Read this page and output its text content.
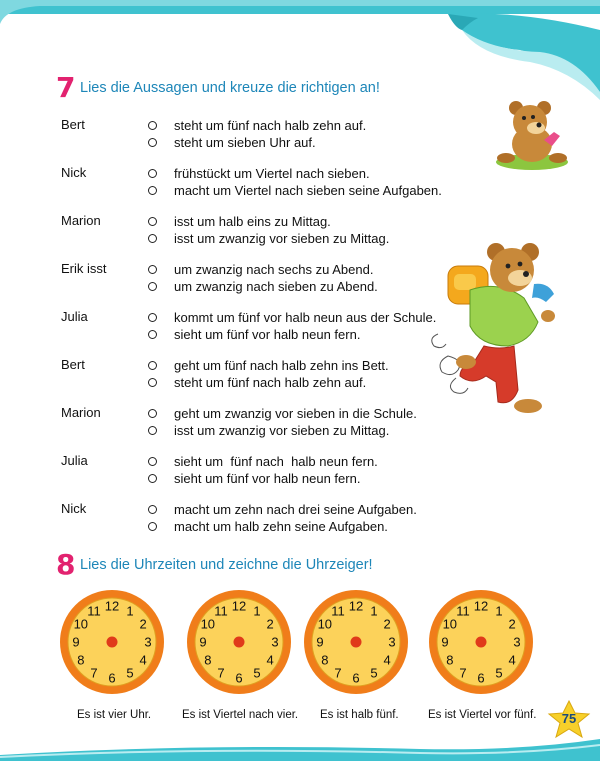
7 Lies die Aussagen und kreuze die richtigen an!
Bert	steht um fünf nach halb zehn auf.
steht um sieben Uhr auf.
Nick	frühstückt um Viertel nach sieben.
macht um Viertel nach sieben seine Aufgaben.
Marion	isst um halb eins zu Mittag.
isst um zwanzig vor sieben zu Mittag.
Erik isst	um zwanzig nach sechs zu Abend.
um zwanzig nach sieben zu Abend.
Julia	kommt um fünf vor halb neun aus der Schule.
sieht um fünf vor halb neun fern.
Bert	geht um fünf nach halb zehn ins Bett.
steht um fünf nach halb zehn auf.
Marion	geht um zwanzig vor sieben in die Schule.
isst um zwanzig vor sieben zu Mittag.
Julia	sieht um  fünf nach  halb neun fern.
sieht um fünf vor halb neun fern.
Nick	macht um zehn nach drei seine Aufgaben.
macht um halb zehn seine Aufgaben.
8 Lies die Uhrzeiten und zeichne die Uhrzeiger!
12 1
2
3
4
5
6
7
8
9
10
11	12 1
2
3
4
5
6
7
8
9
10
11	12 1
2
3
4
5
6
7
8
9
10
11	12 1
2
3
4
5
6
7
8
9
10
11
Es ist vier Uhr.	Es ist Viertel nach vier. Es ist halb fünf.	Es ist Viertel vor fünf.	75
